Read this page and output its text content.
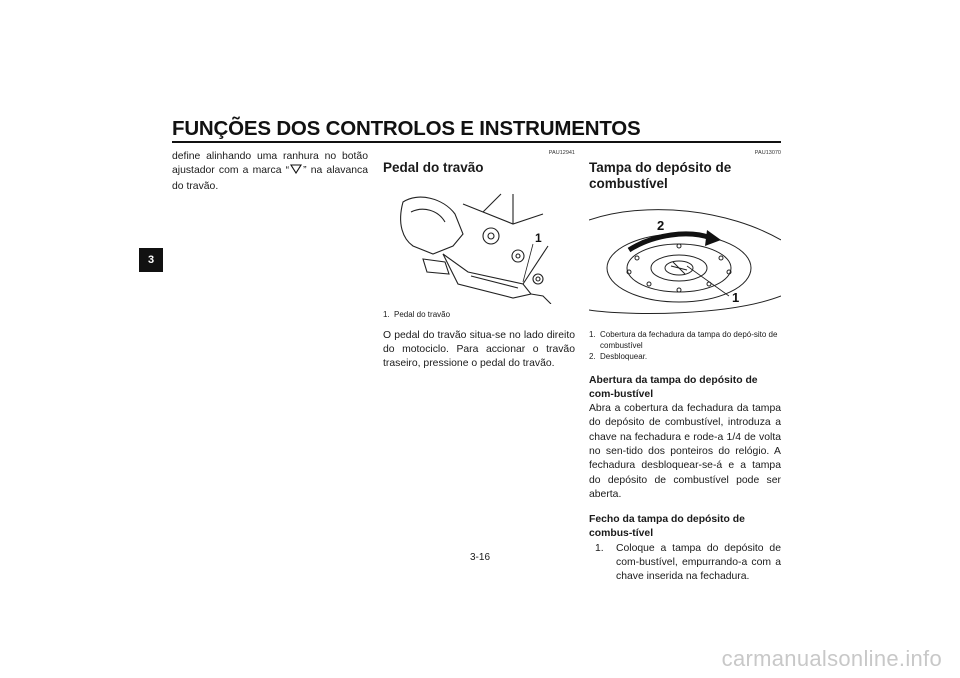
FUNÇÕES DOS CONTROLOS E INSTRUMENTOS
3

define alinhando uma ranhura no botão ajustador com a marca “ ” na alavanca do travão.

PAU12941

Pedal do travão

1
1. Pedal do travão

O pedal do travão situa-se no lado direito do motociclo. Para accionar o travão traseiro, pressione o pedal do travão.

PAU13070

Tampa do depósito de combustível

2
1
1. Cobertura da fechadura da tampa do depó-sito de combustível
2. Desbloquear.

Abertura da tampa do depósito de com-bustível

Abra a cobertura da fechadura da tampa do depósito de combustível, introduza a chave na fechadura e rode-a 1/4 de volta no sen-tido dos ponteiros do relógio. A fechadura desbloquear-se-á e a tampa do depósito de combustível pode ser aberta.

Fecho da tampa do depósito de combus-tível

1.	Coloque a tampa do depósito de com-bustível, empurrando-a com a chave inserida na fechadura.
3-16
carmanualsonline.info
